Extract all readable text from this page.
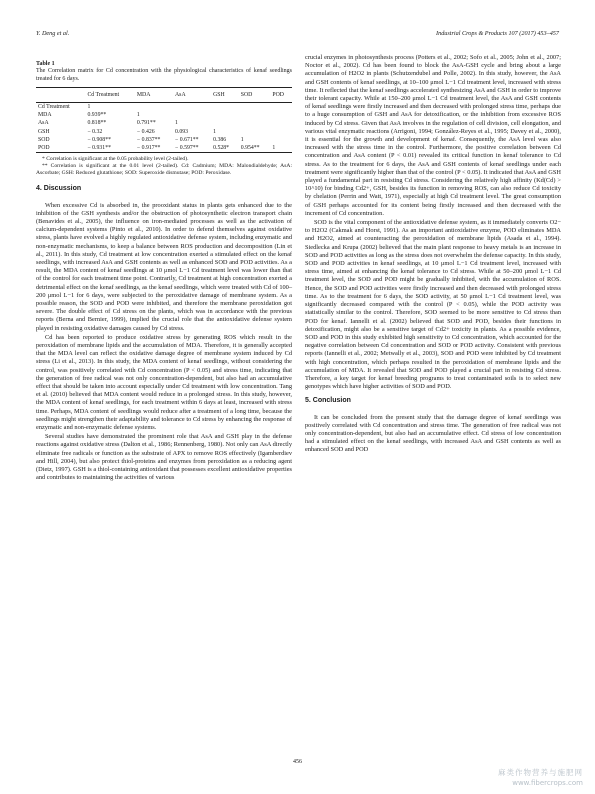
Y. Deng et al.	Industrial Crops & Products 107 (2017) 453–457
Table 1
The Correlation matrix for Cd concentration with the physiological characteristics of kenaf seedlings treated for 6 days.
	Cd Treatment	MDA	AsA	GSH	SOD	POD
Cd Treatment	1					
MDA	0.939**	1				
AsA	0.818**	0.791**	1			
GSH	− 0.32	− 0.426	0.093	1		
SOD	− 0.908**	− 0.837**	− 0.671**	0.386	1	
POD	− 0.931**	− 0.917**	− 0.597**	0.528*	0.954**	1
* Correlation is significant at the 0.05 probability level (2-tailed).
** Correlation is significant at the 0.01 level (2-tailed). Cd: Cadmium; MDA: Malondialdehyde; AsA: Ascorbate; GSH: Reduced glutathione; SOD: Superoxide dismutase; POD: Peroxidase.
4. Discussion

When excessive Cd is absorbed in, the prooxidant status in plants gets enhanced due to the inhibition of the GSH synthesis and/or the obstruction of photosynthetic electron transport chain (Benavides et al., 2005), the influence on iron-mediated processes as well as the activation of calcium-dependent systems (Pinto et al., 2010). In order to defend themselves against oxidative stress, plants have evolved a highly regulated antioxidative defense system, including enzymatic and non-enzymatic mechanisms, to keep a balance between ROS production and decomposition (Lin et al., 2011). In this study, Cd treatment at low concentration exerted a stimulated effect on the kenaf seedlings, with increased AsA and GSH contents as well as enhanced SOD and POD activities. As a result, the MDA content of kenaf seedlings at 10 μmol L−1 Cd treatment level was lower than that of the control for each treatment time point. Contrarily, Cd treatment at high concentration exerted a detrimental effect on the kenaf seedlings, as the kenaf seedlings, which were treated with Cd of 100–200 μmol L−1 for 6 days, were subjected to the peroxidative damage of membrane system. As a possible reason, the SOD and POD were inhibited, and therefore the membrane peroxidation got severe. The double effect of Cd stress on the plants, which was in accordance with the previous reports (Berna and Bernier, 1999), implied the crucial role that the antioxidative defense system played in resisting oxidative damages caused by Cd stress.

Cd has been reported to produce oxidative stress by generating ROS which result in the peroxidation of membrane lipids and the accumulation of MDA. Therefore, it is generally accepted that the MDA level can reflect the oxidative damage degree of membrane system induced by Cd stress (Li et al., 2013). In this study, the MDA content of kenaf seedlings, without considering the control, was positively correlated with Cd concentration (P < 0.05) and stress time, indicating that the generation of free radical was not only concentration-dependent, but also had an accumulative effect that should be taken into account especially under Cd treatment with low concentration. Tang et al. (2010) believed that MDA content would reduce in a prolonged stress. In this study, however, the MDA content of kenaf seedlings, for each treatment within 6 days at least, increased with stress time. Perhaps, MDA content of seedlings would reduce after a treatment of a long time, because the seedlings might strengthen their adaptability and tolerance to Cd stress by enhancing the response of enzymatic and non-enzymatic defense systems.

Several studies have demonstrated the prominent role that AsA and GSH play in the defense reactions against oxidative stress (Dalton et al., 1986; Rennenberg, 1980). Not only can AsA directly eliminate free radicals or function as the substrate of APX to remove ROS effectively (Igamberdiev and Hill, 2004), but also protect thiol-proteins and enzymes from peroxidation as a reducing agent (Dietz, 1997). GSH is a thiol-containing antioxidant that possesses excellent antioxidative properties and contributes to maintaining the activities of various

crucial enzymes in photosynthesis process (Potters et al., 2002; Sofo et al., 2005; John et al., 2007; Noctor et al., 2002). Cd has been found to block the AsA-GSH cycle and bring about a large accumulation of H2O2 in plants (Schutzendubel and Polle, 2002). In this study, however, the AsA and GSH contents of kenaf seedlings, at 10–100 μmol L−1 Cd treatment level, increased with stress time. It reflected that the kenaf seedlings accelerated synthesizing AsA and GSH in order to improve their tolerant capacity. While at 150–200 μmol L−1 Cd treatment level, the AsA and GSH contents of kenaf seedlings were firstly increased and then decreased with prolonged stress time, perhaps due to a huge consumption of GSH and AsA for detoxification, or the inhibition from excessive ROS induced by Cd stress. Given that AsA involves in the regulation of cell division, cell elongation, and various vital enzymatic reactions (Arrigoni, 1994; González-Reyes et al., 1995; Davey et al., 2000), it is essential for the growth and development of kenaf. Consequently, the AsA level was also increased with the stress time in the control. Furthermore, the positive correlation between Cd concentration and AsA content (P < 0.01) revealed its critical function in kenaf tolerance to Cd stress. As to the treatment for 6 days, the AsA and GSH contents of kenaf seedlings under each treatment were significantly higher than that of the control (P < 0.05). It indicated that AsA and GSH played a fundamental part in resisting Cd stress. Considering the relatively high affinity (Kd(Cd) > 10^10) for binding Cd2+, GSH, besides its function in removing ROS, can also reduce Cd toxicity by chelation (Perrin and Watt, 1971), especially at high Cd treatment level. The great consumption of GSH perhaps accounted for its content being firstly increased and then decreased with the increment of Cd concentration.

SOD is the vital component of the antioxidative defense system, as it immediately converts O2− to H2O2 (Cakmak and Horst, 1991). As an important antioxidative enzyme, POD eliminates MDA and H2O2, aimed at counteracting the peroxidation of membrane lipids (Asada et al., 1994). Siedlecka and Krupa (2002) believed that the main plant response to heavy metals is an increase in SOD and POD activities as long as the stress does not overwhelm the defense capacity. In this study, SOD and POD activities in kenaf seedlings, at 10 μmol L−1 Cd treatment level, increased with stress time, aimed at enhancing the kenaf tolerance to Cd stress. While at 50–200 μmol L−1 Cd treatment level, the SOD and POD might be gradually inhibited, with the accumulation of ROS. Hence, the SOD and POD activities were firstly increased and then decreased with prolonged stress time. As to the treatment for 6 days, the SOD activity, at 50 μmol L−1 Cd treatment level, was significantly decreased compared with the control (P < 0.05), while the POD activity was statistically similar to the control. Therefore, SOD seemed to be more sensitive to Cd stress than POD for kenaf. Iannelli et al. (2002) believed that SOD and POD, besides their functions in detoxification, might also be a sensitive target of Cd2+ toxicity in plants. As a possible evidence, SOD and POD in this study exhibited high sensitivity to Cd concentration, which accounted for the negative correlation between Cd concentration and SOD or POD activity. Consistent with previous reports (Iannelli et al., 2002; Metwally et al., 2003), SOD and POD were inhibited by Cd treatment with high concentration, which perhaps resulted in the peroxidation of membrane lipids and the accumulation of MDA. It revealed that SOD and POD played a crucial part in resisting Cd stress. Therefore, a key target for kenaf breeding programs to treat contaminated soils is to select new genotypes which have higher activities of SOD and POD.

5. Conclusion

It can be concluded from the present study that the damage degree of kenaf seedlings was positively correlated with Cd concentration and stress time. The generation of free radical was not only concentration-dependent, but also had an accumulative effect. Cd stress of low concentration had a stimulated effect on the kenaf seedlings, with increased AsA and GSH contents as well as enhanced SOD and POD

456
麻类作物营养与施肥网
www.fibercrops.com
